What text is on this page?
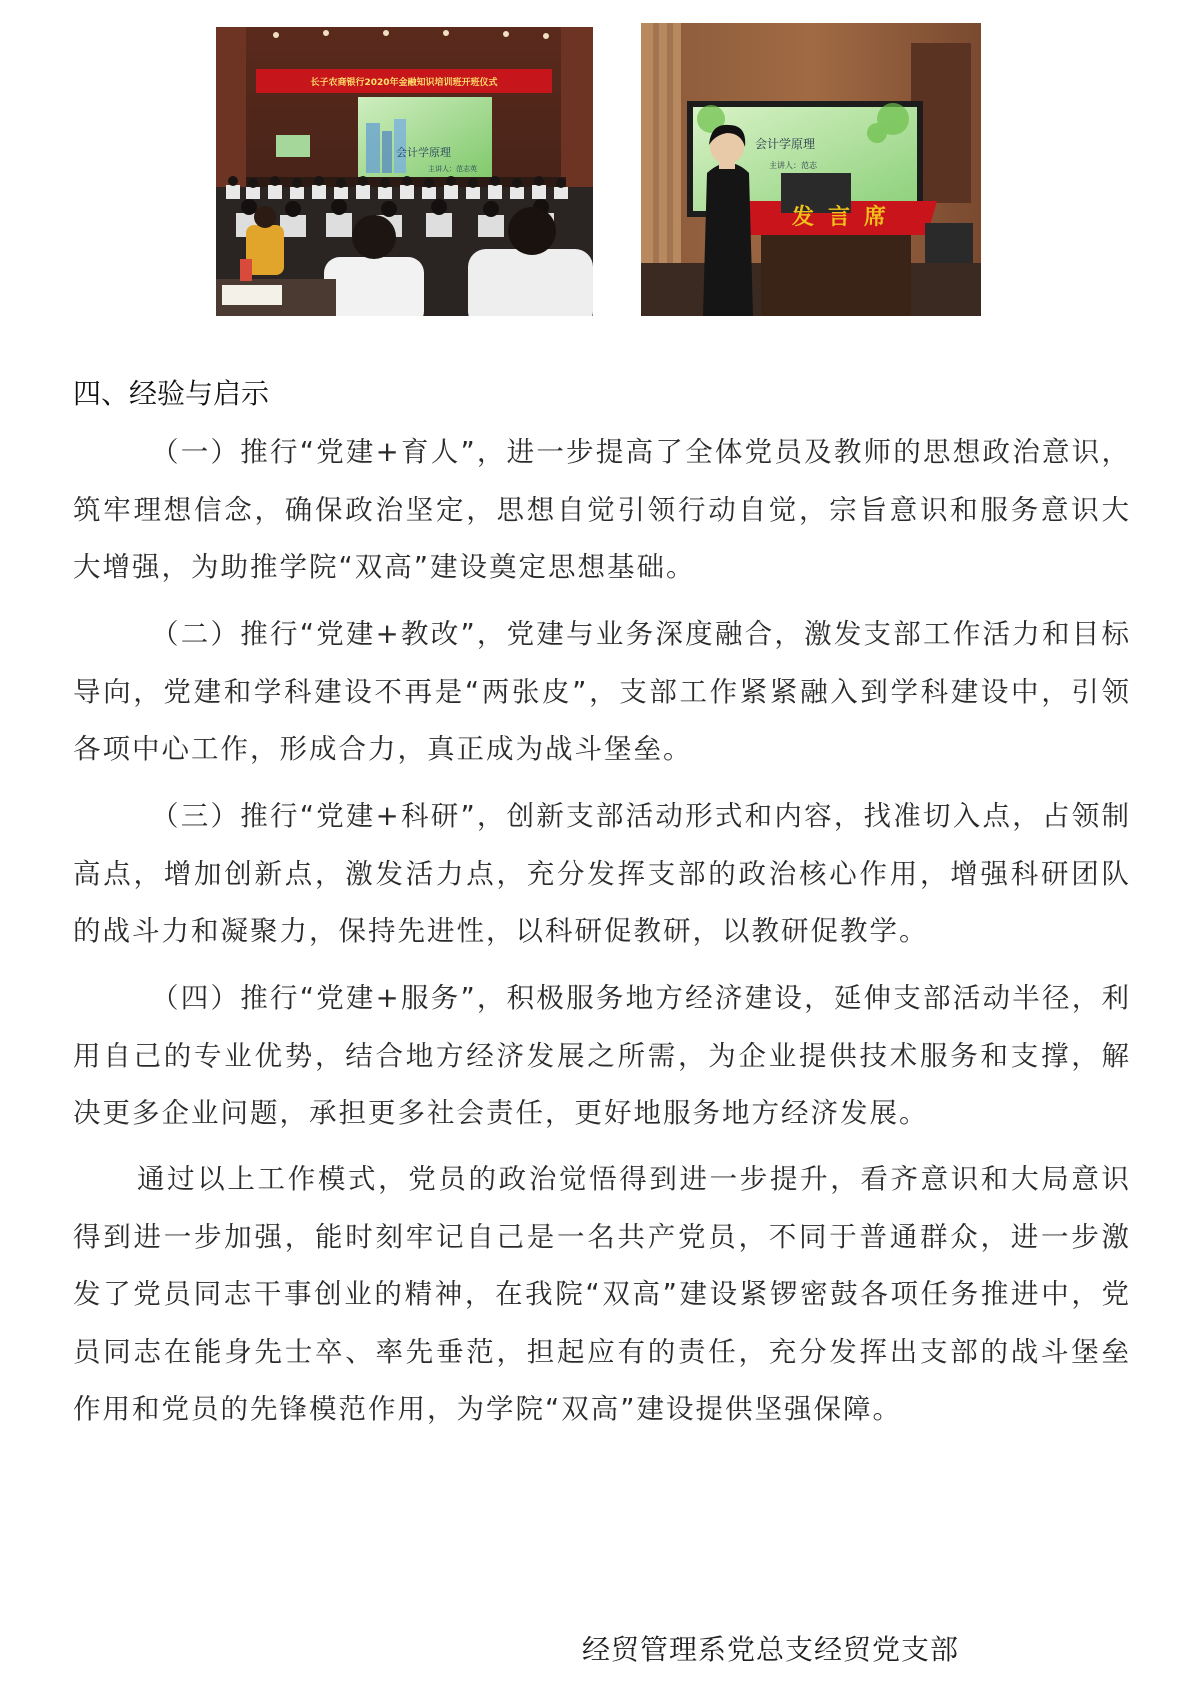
长子农商银行2020年金融知识培训班开班仪式
会计学原理
主讲人：范志英
会计学原理
主讲人：范志
发言席
四、经验与启示

（一）推行“党建+育人”，进一步提高了全体党员及教师的思想政治意识，筑牢理想信念，确保政治坚定，思想自觉引领行动自觉，宗旨意识和服务意识大大增强，为助推学院“双高”建设奠定思想基础。

（二）推行“党建+教改”，党建与业务深度融合，激发支部工作活力和目标导向，党建和学科建设不再是“两张皮”，支部工作紧紧融入到学科建设中，引领各项中心工作，形成合力，真正成为战斗堡垒。

（三）推行“党建+科研”，创新支部活动形式和内容，找准切入点，占领制高点，增加创新点，激发活力点，充分发挥支部的政治核心作用，增强科研团队的战斗力和凝聚力，保持先进性，以科研促教研，以教研促教学。

（四）推行“党建+服务”，积极服务地方经济建设，延伸支部活动半径，利用自己的专业优势，结合地方经济发展之所需，为企业提供技术服务和支撑，解决更多企业问题，承担更多社会责任，更好地服务地方经济发展。

通过以上工作模式，党员的政治觉悟得到进一步提升，看齐意识和大局意识得到进一步加强，能时刻牢记自己是一名共产党员，不同于普通群众，进一步激发了党员同志干事创业的精神，在我院“双高”建设紧锣密鼓各项任务推进中，党员同志在能身先士卒、率先垂范，担起应有的责任，充分发挥出支部的战斗堡垒作用和党员的先锋模范作用，为学院“双高”建设提供坚强保障。

经贸管理系党总支经贸党支部
